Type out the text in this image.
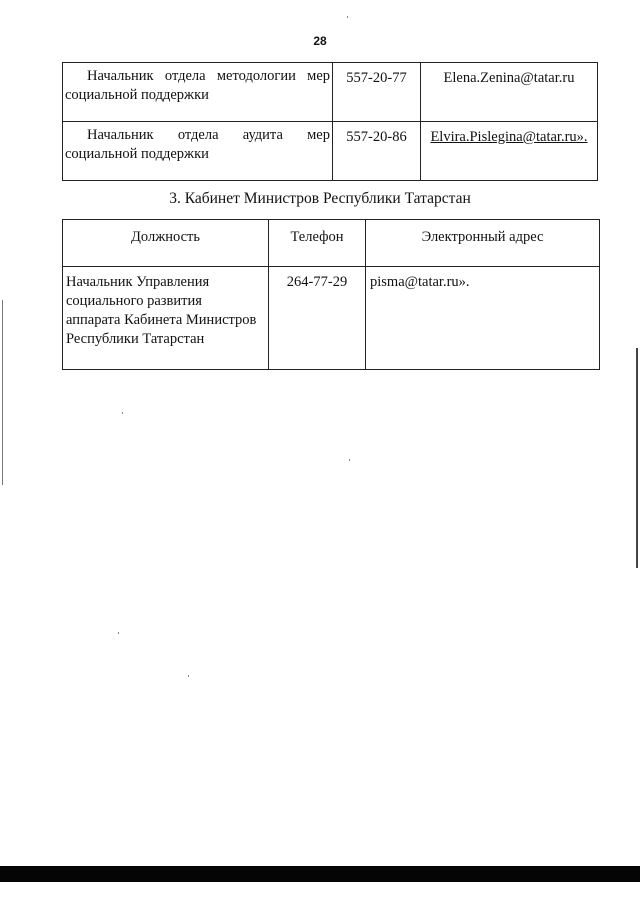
28
Начальник отдела методологии мер
социальной поддержки	557-20-77	Elena.Zenina@tatar.ru

Начальник отдела аудита мер
социальной поддержки	557-20-86	Elvira.Pislegina@tatar.ru».
3. Кабинет Министров Республики Татарстан
Должность	Телефон	Электронный адрес

Начальник Управления
социального развития
аппарата Кабинета Министров
Республики Татарстан	264-77-29	pisma@tatar.ru».
